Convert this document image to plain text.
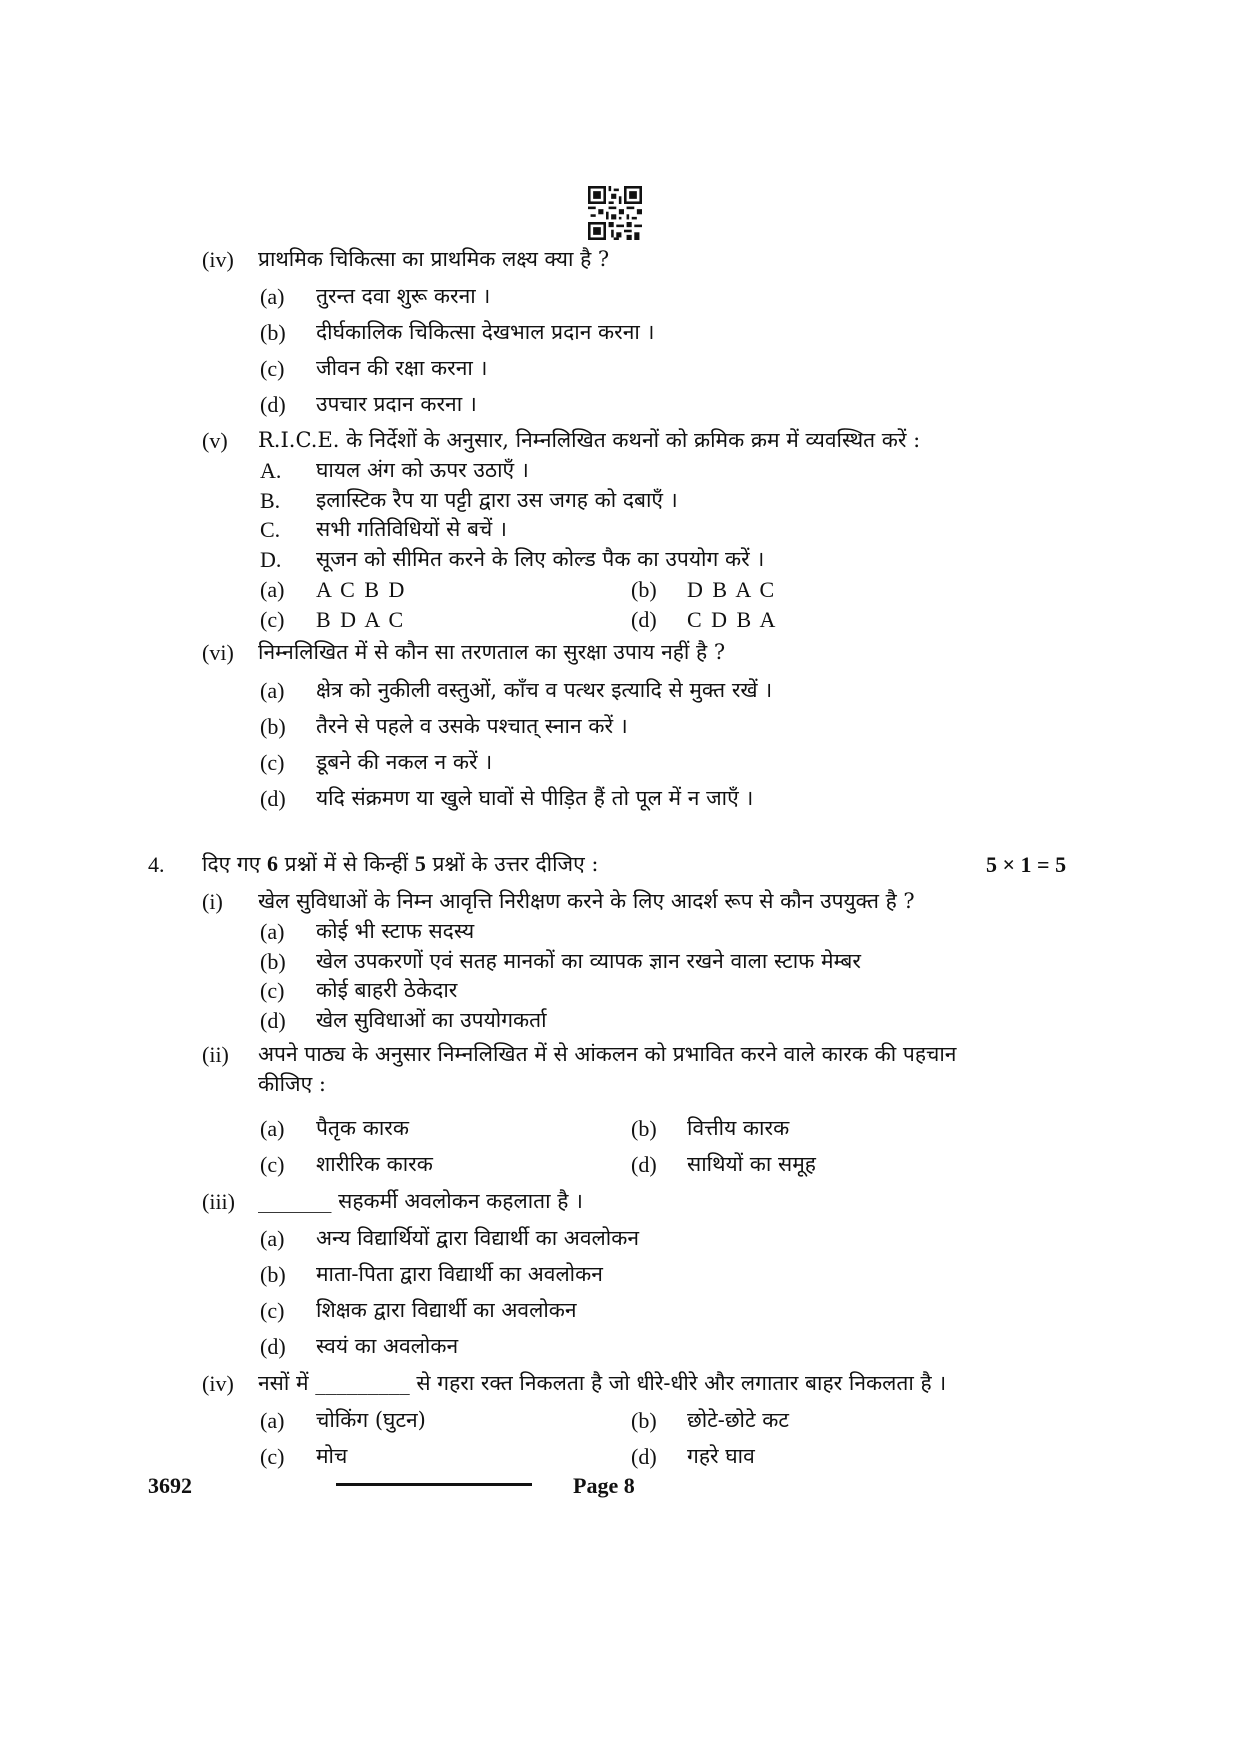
(iv) प्राथमिक चिकित्सा का प्राथमिक लक्ष्य क्या है ?
(a) तुरन्त दवा शुरू करना ।
(b) दीर्घकालिक चिकित्सा देखभाल प्रदान करना ।
(c) जीवन की रक्षा करना ।
(d) उपचार प्रदान करना ।
(v) R.I.C.E. के निर्देशों के अनुसार, निम्नलिखित कथनों को क्रमिक क्रम में व्यवस्थित करें :
A. घायल अंग को ऊपर उठाएँ ।
B. इलास्टिक रैप या पट्टी द्वारा उस जगह को दबाएँ ।
C. सभी गतिविधियों से बचें ।
D. सूजन को सीमित करने के लिए कोल्ड पैक का उपयोग करें ।
(a) A C B D	(b) D B A C
(c) B D A C	(d) C D B A
(vi) निम्नलिखित में से कौन सा तरणताल का सुरक्षा उपाय नहीं है ?
(a) क्षेत्र को नुकीली वस्तुओं, काँच व पत्थर इत्यादि से मुक्त रखें ।
(b) तैरने से पहले व उसके पश्चात् स्नान करें ।
(c) डूबने की नकल न करें ।
(d) यदि संक्रमण या खुले घावों से पीड़ित हैं तो पूल में न जाएँ ।
4. दिए गए 6 प्रश्नों में से किन्हीं 5 प्रश्नों के उत्तर दीजिए :	5 × 1 = 5
(i) खेल सुविधाओं के निम्न आवृत्ति निरीक्षण करने के लिए आदर्श रूप से कौन उपयुक्त है ?
(a) कोई भी स्टाफ सदस्य
(b) खेल उपकरणों एवं सतह मानकों का व्यापक ज्ञान रखने वाला स्टाफ मेम्बर
(c) कोई बाहरी ठेकेदार
(d) खेल सुविधाओं का उपयोगकर्ता
(ii) अपने पाठ्य के अनुसार निम्नलिखित में से आंकलन को प्रभावित करने वाले कारक की पहचान
कीजिए :
(a) पैतृक कारक	(b) वित्तीय कारक
(c) शारीरिक कारक	(d) साथियों का समूह
(iii) _______ सहकर्मी अवलोकन कहलाता है ।
(a) अन्य विद्यार्थियों द्वारा विद्यार्थी का अवलोकन
(b) माता-पिता द्वारा विद्यार्थी का अवलोकन
(c) शिक्षक द्वारा विद्यार्थी का अवलोकन
(d) स्वयं का अवलोकन
(iv) नसों में _________ से गहरा रक्त निकलता है जो धीरे-धीरे और लगातार बाहर निकलता है ।
(a) चोकिंग (घुटन)	(b) छोटे-छोटे कट
(c) मोच	(d) गहरे घाव
3692	Page 8
